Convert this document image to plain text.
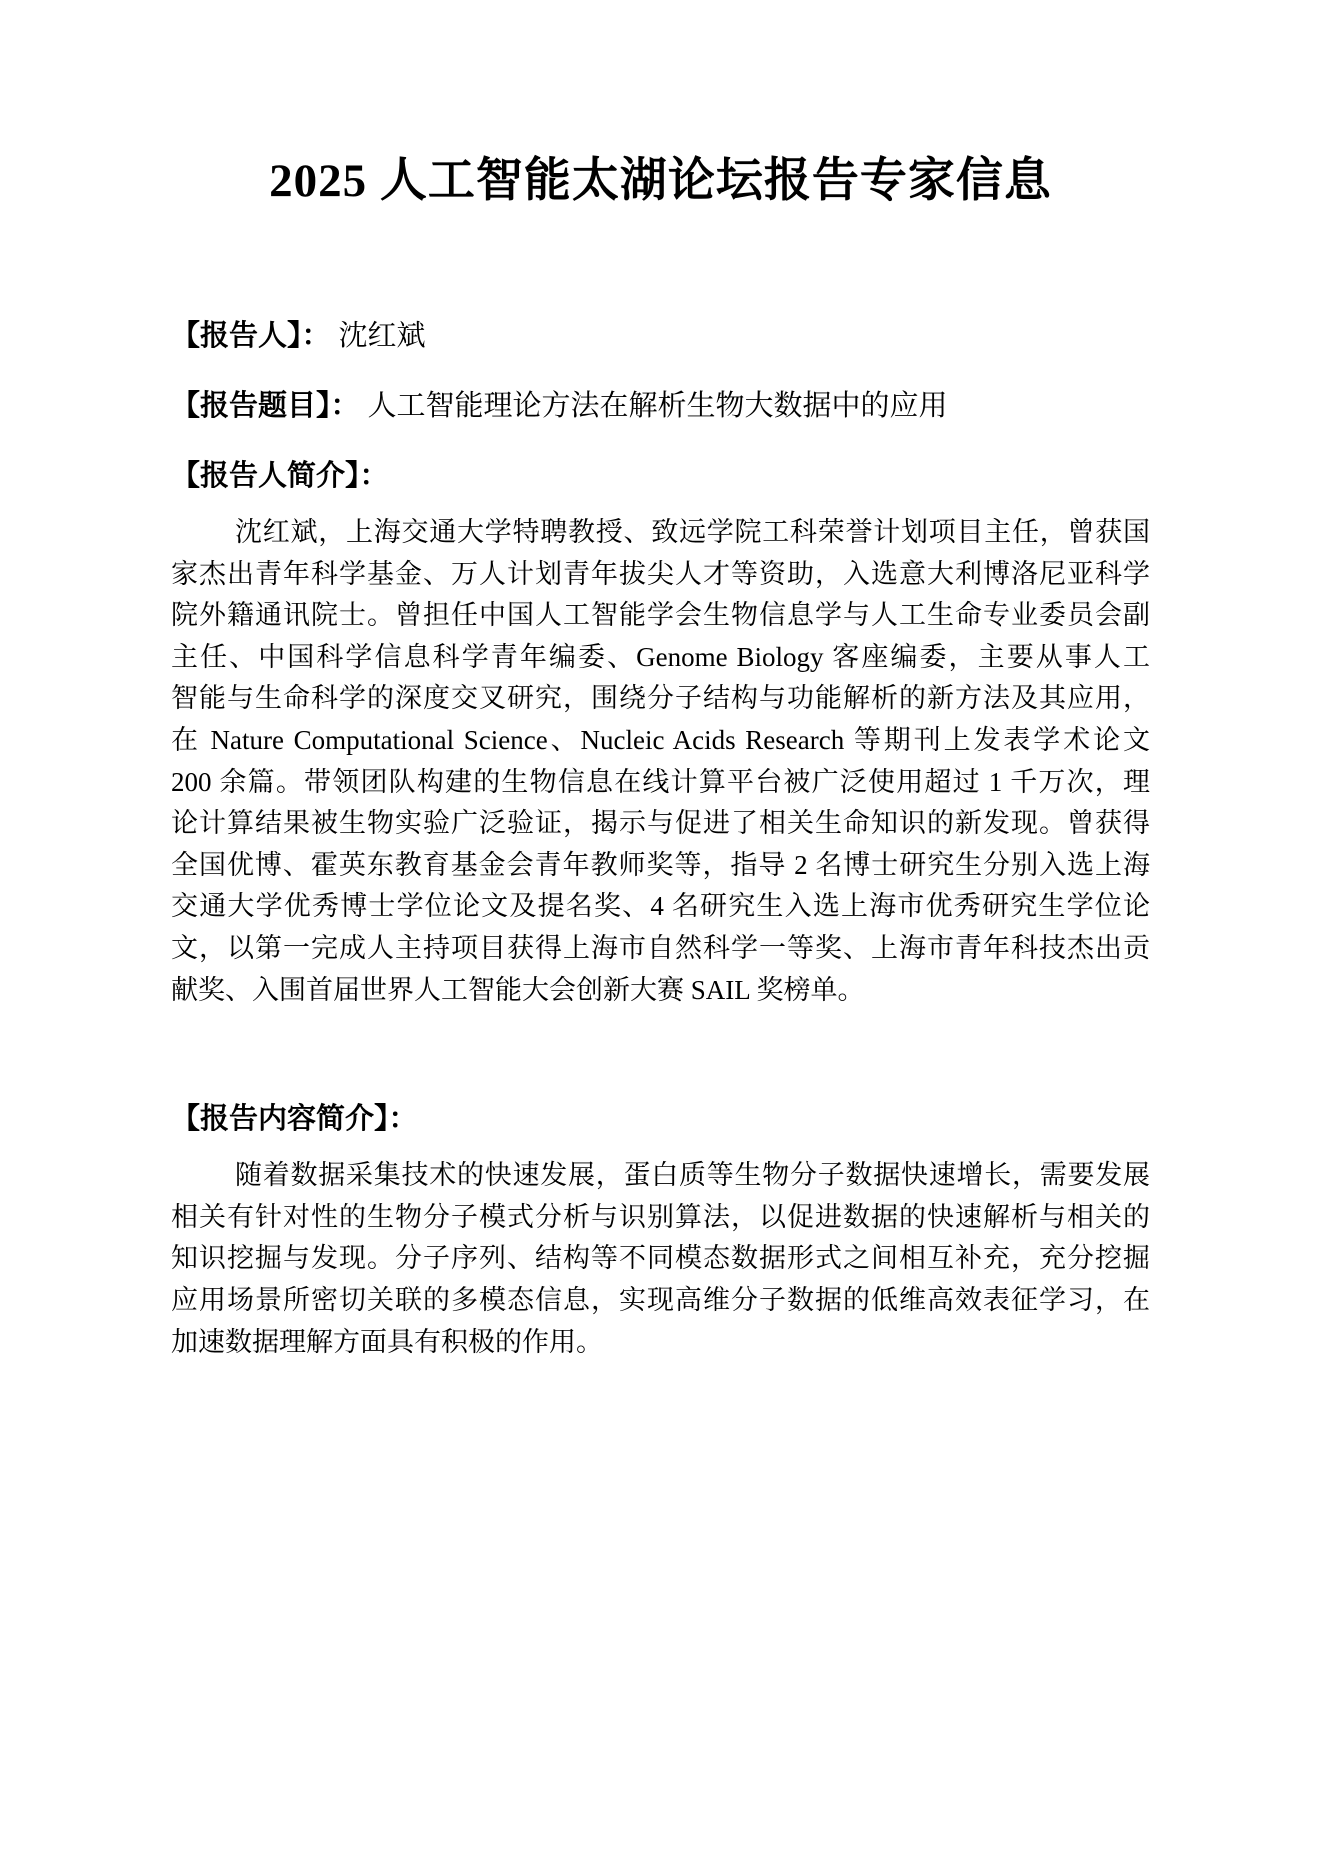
2025 人工智能太湖论坛报告专家信息
【报告人】： 沈红斌
【报告题目】： 人工智能理论方法在解析生物大数据中的应用
【报告人简介】：
沈红斌，上海交通大学特聘教授、致远学院工科荣誉计划项目主任，曾获国
家杰出青年科学基金、万人计划青年拔尖人才等资助，入选意大利博洛尼亚科学
院外籍通讯院士。曾担任中国人工智能学会生物信息学与人工生命专业委员会副
主任、中国科学信息科学青年编委、Genome Biology 客座编委，主要从事人工
智能与生命科学的深度交叉研究，围绕分子结构与功能解析的新方法及其应用，
在 Nature Computational Science、Nucleic Acids Research 等期刊上发表学术论文
200 余篇。带领团队构建的生物信息在线计算平台被广泛使用超过 1 千万次，理
论计算结果被生物实验广泛验证，揭示与促进了相关生命知识的新发现。曾获得
全国优博、霍英东教育基金会青年教师奖等，指导 2 名博士研究生分别入选上海
交通大学优秀博士学位论文及提名奖、4 名研究生入选上海市优秀研究生学位论
文，以第一完成人主持项目获得上海市自然科学一等奖、上海市青年科技杰出贡
献奖、入围首届世界人工智能大会创新大赛 SAIL 奖榜单。
【报告内容简介】：
随着数据采集技术的快速发展，蛋白质等生物分子数据快速增长，需要发展
相关有针对性的生物分子模式分析与识别算法，以促进数据的快速解析与相关的
知识挖掘与发现。分子序列、结构等不同模态数据形式之间相互补充，充分挖掘
应用场景所密切关联的多模态信息，实现高维分子数据的低维高效表征学习，在
加速数据理解方面具有积极的作用。
